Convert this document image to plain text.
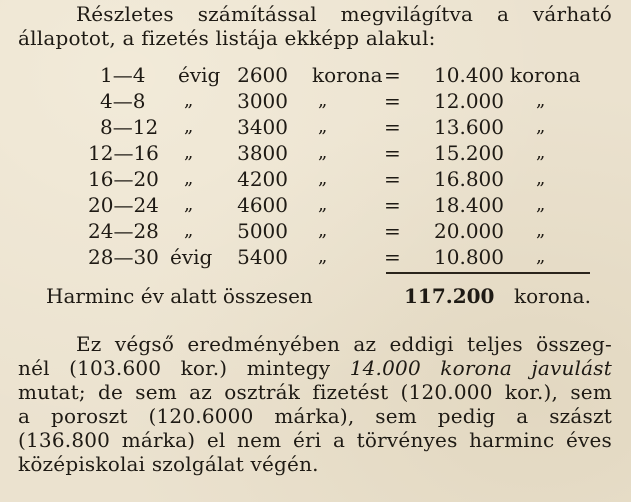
Részletes számítással megvilágítva a várható
állapotot, a fizetés listája ekképp alakul:
1—4	évig 2600 korona =	10.400 korona
4—8	„	3000 „	=	12.000 „
8—12	„	3400 „	=	13.600 „
12—16	„	3800 „	=	15.200 „
16—20	„	4200 „	=	16.800 „
20—24	„	4600 „	=	18.400 „
24—28	„	5000 „	=	20.000 „
28—30 évig	5400 „	=	10.800 „
Harminc év alatt összesen	117.200 korona.
Ez végső eredményében az eddigi teljes összeg-
nél (103.600 kor.) mintegy 14.000 korona javulást
mutat; de sem az osztrák fizetést (120.000 kor.), sem
a poroszt (120.6000 márka), sem pedig a szászt
(136.800 márka) el nem éri a törvényes harminc éves
középiskolai szolgálat végén.
